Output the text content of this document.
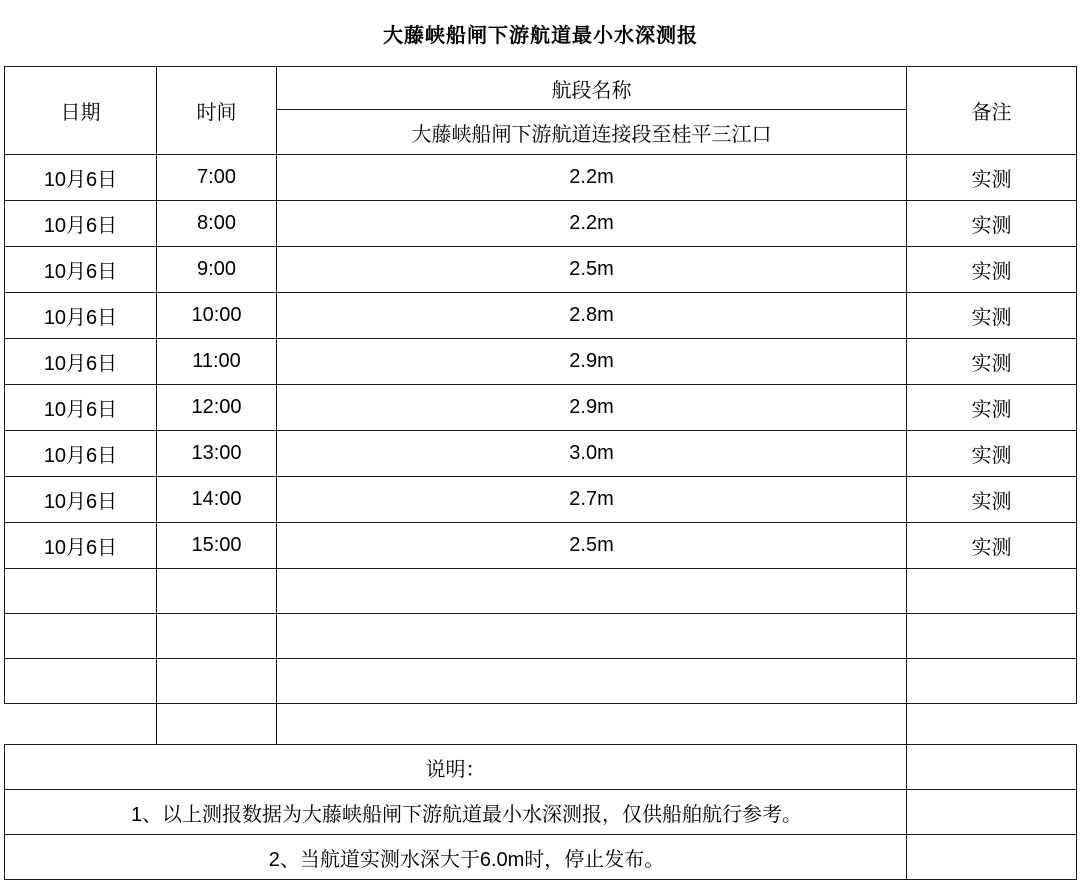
大藤峡船闸下游航道最小水深测报			
日期	时间	航段名称	备注
		大藤峡船闸下游航道连接段至桂平三江口	
10月6日	7:00	2.2m	实测
10月6日	8:00	2.2m	实测
10月6日	9:00	2.5m	实测
10月6日	10:00	2.8m	实测
10月6日	11:00	2.9m	实测
10月6日	12:00	2.9m	实测
10月6日	13:00	3.0m	实测
10月6日	14:00	2.7m	实测
10月6日	15:00	2.5m	实测

说明：			

1、以上测报数据为大藤峡船闸下游航道最小水深测报，仅供船舶航行参考。			

2、当航道实测水深大于6.0m时，停止发布。			
